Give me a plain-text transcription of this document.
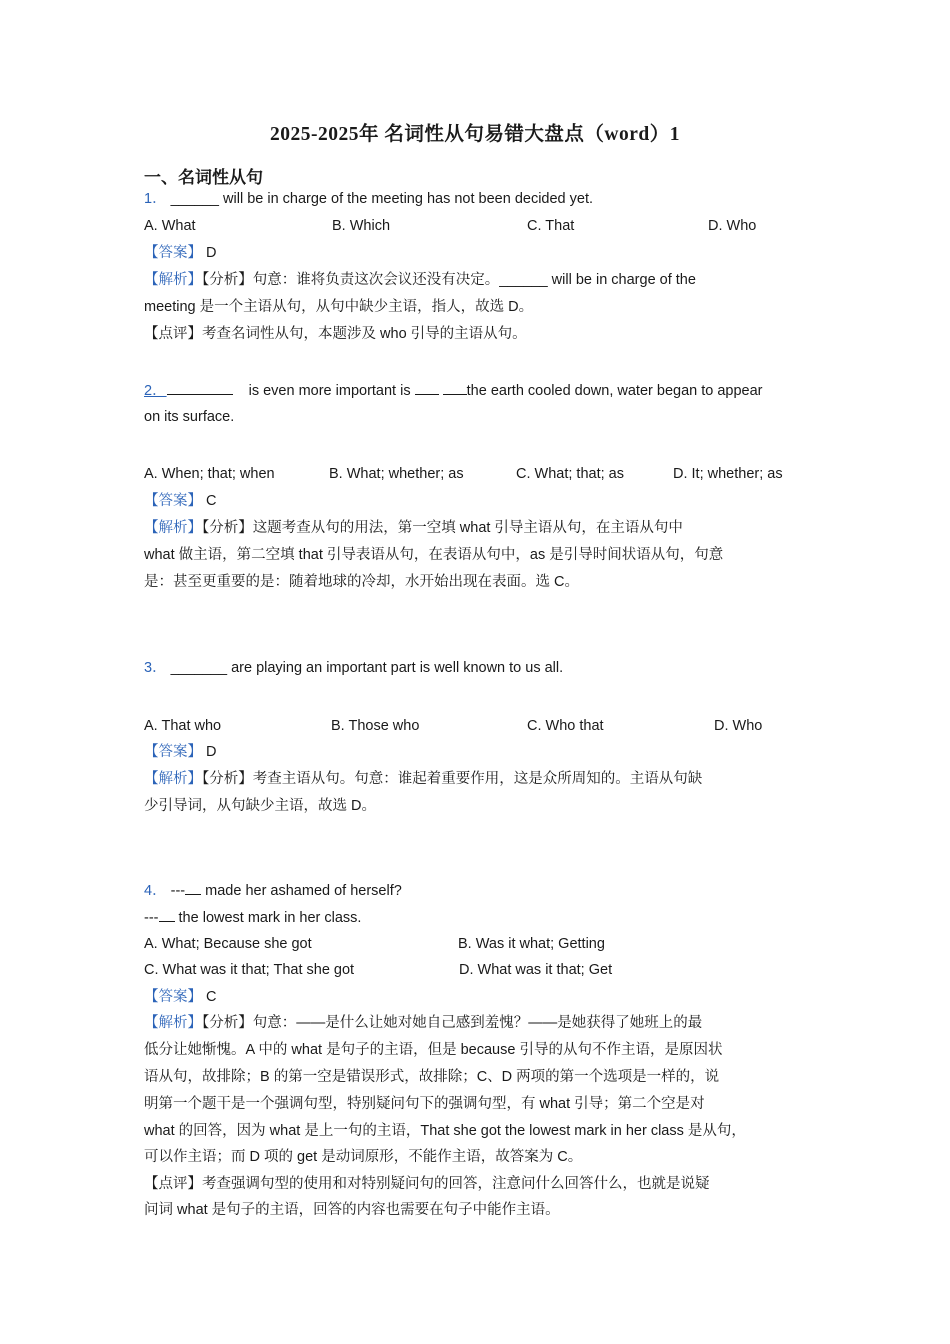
2025-2025年 名词性从句易错大盘点（word）1
一、名词性从句
1． ______ will be in charge of the meeting has not been decided yet.
A. What	B. Which	C. That	D. Who
【答案】 D
【解析】【分析】句意：谁将负责这次会议还没有决定。______ will be in charge of the
meeting 是一个主语从句，从句中缺少主语，指人，故选 D。
【点评】考查名词性从句，本题涉及 who 引导的主语从句。
2．	is even more important is	the earth cooled down, water began to appear
on its surface.
A. When; that; when	B. What; whether; as	C. What; that; as	D. It; whether; as
【答案】 C
【解析】【分析】这题考查从句的用法，第一空填 what 引导主语从句，在主语从句中
what 做主语，第二空填 that 引导表语从句，在表语从句中，as 是引导时间状语从句，句意
是：甚至更重要的是：随着地球的冷却，水开始出现在表面。选 C。
3． _______ are playing an important part is well known to us all.
A. That who	B. Those who	C. Who that	D. Who
【答案】 D
【解析】【分析】考查主语从句。句意：谁起着重要作用，这是众所周知的。主语从句缺
少引导词，从句缺少主语，故选 D。
4． --- made her ashamed of herself?
--- the lowest mark in her class.
A. What; Because she got	B. Was it what; Getting
C. What was it that; That she got	D. What was it that; Get
【答案】 C
【解析】【分析】句意：——是什么让她对她自己感到羞愧？——是她获得了她班上的最
低分让她惭愧。A 中的 what 是句子的主语，但是 because 引导的从句不作主语，是原因状
语从句，故排除；B 的第一空是错误形式，故排除；C、D 两项的第一个选项是一样的，说
明第一个题干是一个强调句型，特别疑问句下的强调句型，有 what 引导；第二个空是对
what 的回答，因为 what 是上一句的主语，That she got the lowest mark in her class 是从句，
可以作主语；而 D 项的 get 是动词原形，不能作主语，故答案为 C。
【点评】考查强调句型的使用和对特别疑问句的回答，注意问什么回答什么，也就是说疑
问词 what 是句子的主语，回答的内容也需要在句子中能作主语。
